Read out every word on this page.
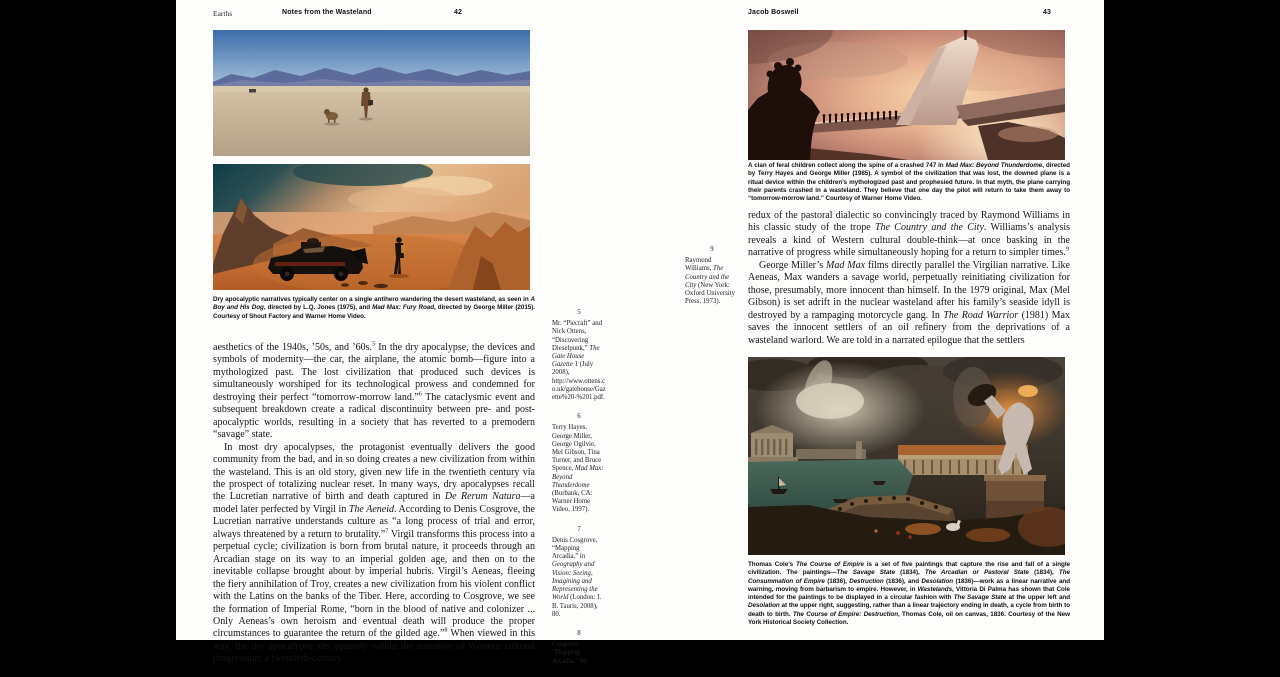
Earths	Notes from the Wasteland	42
Dry apocalyptic narratives typically center on a single antihero wandering the desert wasteland, as seen in A Boy and His Dog, directed by L.Q. Jones (1975), and Mad Max: Fury Road, directed by George Miller (2015). Courtesy of Shout Factory and Warner Home Video.

aesthetics of the 1940s, ’50s, and ’60s.$^5$ In the dry apocalypse, the devices and symbols of modernity—the car, the airplane, the atomic bomb—figure into a mythologized past. The lost civilization that produced such devices is simultaneously worshiped for its technological prowess and condemned for destroying their perfect “tomorrow-morrow land.”$^6$ The cataclysmic event and subsequent breakdown create a radical discontinuity between pre- and post-apocalyptic worlds, resulting in a society that has reverted to a premodern “savage” state.

In most dry apocalypses, the protagonist eventually delivers the good community from the bad, and in so doing creates a new civilization from within the wasteland. This is an old story, given new life in the twentieth century via the prospect of totalizing nuclear reset. In many ways, dry apocalypses recall the Lucretian narrative of birth and death captured in De Rerum Natura—a model later perfected by Virgil in The Aeneid. According to Denis Cosgrove, the Lucretian narrative understands culture as “a long process of trial and error, always threatened by a return to brutality.”$^7$ Virgil transforms this process into a perpetual cycle; civilization is born from brutal nature, it proceeds through an Arcadian stage on its way to an imperial golden age, and then on to the inevitable collapse brought about by imperial hubris. Virgil’s Aeneas, fleeing the fiery annihilation of Troy, creates a new civilization from his violent conflict with the Latins on the banks of the Tiber. Here, according to Cosgrove, we see the formation of Imperial Rome, “born in the blood of native and colonizer ... Only Aeneas’s own heroism and eventual death will produce the proper circumstances to guarantee the return of the gilded age.”$^8$ When viewed in this way, the dry apocalypse sits squarely within the narrative of Western cultural progression, a twentieth-century

5
Mr. “Piecraft” and Nick Ottens, “Discovering Dieselpunk,” The Gate House Gazette 1 (July 2008), http://www.ottens.co.uk/gatehouse/Gazette%20-%201.pdf.
6
Terry Hayes, George Miller, George Ogilvie, Mel Gibson, Tina Turner, and Bruce Spence, Mad Max: Beyond Thunderdome (Burbank, CA: Warner Home Video, 1997).
7
Denis Cosgrove, “Mapping Arcadia,” in Geography and Vision: Seeing, Imagining and Representing the World (London: I. B. Tauris, 2008), 80.
8
Cosgrove, “Mapping Arcadia,” 80.
Jacob Boswell	43
A clan of feral children collect along the spine of a crashed 747 in Mad Max: Beyond Thunderdome, directed by Terry Hayes and George Miller (1985). A symbol of the civilization that was lost, the downed plane is a ritual device within the children’s mythologized past and prophesied future. In that myth, the plane carrying their parents crashed in a wasteland. They believe that one day the pilot will return to take them away to “tomorrow-morrow land.” Courtesy of Warner Home Video.
9
Raymond Williams, The Country and the City (New York: Oxford University Press, 1973).

redux of the pastoral dialectic so convincingly traced by Raymond Williams in his classic study of the trope The Country and the City. Williams’s analysis reveals a kind of Western cultural double-think—at once basking in the narrative of progress while simultaneously hoping for a return to simpler times.$^9$

George Miller’s Mad Max films directly parallel the Virgilian narrative. Like Aeneas, Max wanders a savage world, perpetually reinitiating civilization for those, presumably, more innocent than himself. In the 1979 original, Max (Mel Gibson) is set adrift in the nuclear wasteland after his family’s seaside idyll is destroyed by a rampaging motorcycle gang. In The Road Warrior (1981) Max saves the innocent settlers of an oil refinery from the deprivations of a wasteland warlord. We are told in a narrated epilogue that the settlers

Thomas Cole’s The Course of Empire is a set of five paintings that capture the rise and fall of a single civilization. The paintings—The Savage State (1834), The Arcadian or Pastoral State (1834), The Consummation of Empire (1836), Destruction (1836), and Desolation (1836)—work as a linear narrative and warning, moving from barbarism to empire. However, in Wastelands, Vittoria Di Palma has shown that Cole intended for the paintings to be displayed in a circular fashion with The Savage State at the upper left and Desolation at the upper right, suggesting, rather than a linear trajectory ending in death, a cycle from birth to death to birth. The Course of Empire: Destruction, Thomas Cole, oil on canvas, 1836. Courtesy of the New York Historical Society Collection.
